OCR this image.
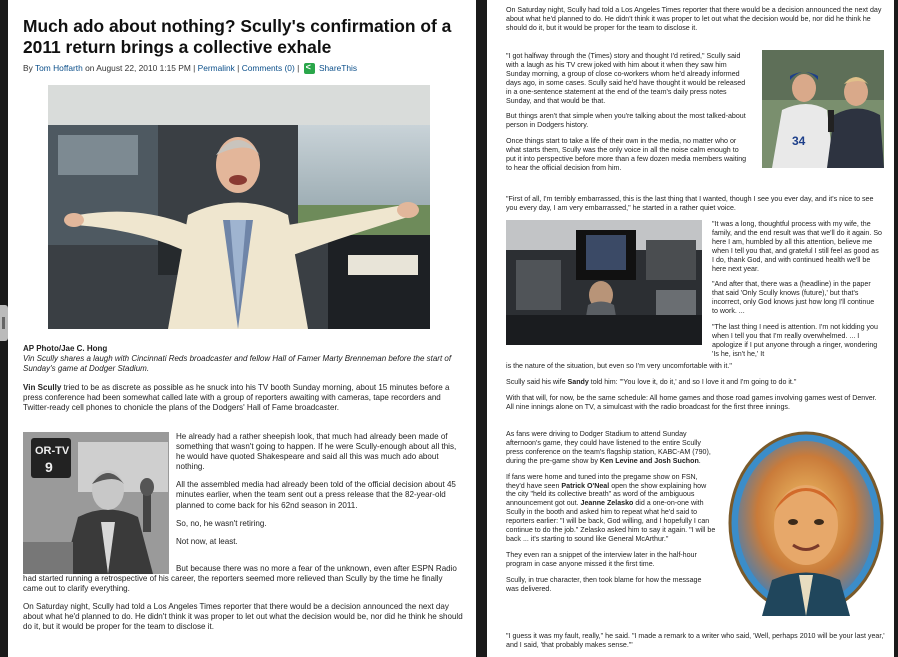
Much ado about nothing? Scully's confirmation of a 2011 return brings a collective exhale
By Tom Hoffarth on August 22, 2010 1:15 PM | Permalink | Comments (0) | < ShareThis
AP Photo/Jae C. Hong
Vin Scully shares a laugh with Cincinnati Reds broadcaster and fellow Hall of Famer Marty Brenneman before the start of Sunday's game at Dodger Stadium.

Vin Scully tried to be as discrete as possible as he snuck into his TV booth Sunday morning, about 15 minutes before a press conference had been somewhat called late with a group of reporters awaiting with cameras, tape recorders and Twitter-ready cell phones to chonicle the plans of the Dodgers' Hall of Fame broadcaster.

OR-TV
9

He already had a rather sheepish look, that much had already been made of something that wasn't going to happen. If he were Scully-enough about all this, he would have quoted Shakespeare and said all this was much ado about nothing.

All the assembled media had already been told of the official decision about 45 minutes earlier, when the team sent out a press release that the 82-year-old planned to come back for his 62nd season in 2011.

So, no, he wasn't retiring.

Not now, at least.

But because there was no more a fear of the unknown, even after ESPN Radio had started running a retrospective of his career, the reporters seemed more relieved than Scully by the time he finally came out to clarify everything.

On Saturday night, Scully had told a Los Angeles Times reporter that there would be a decision announced the next day about what he'd planned to do. He didn't think it was proper to let out what the decision would be, nor did he think he should do it, but it would be proper for the team to disclose it.

On Saturday night, Scully had told a Los Angeles Times reporter that there would be a decision announced the next day about what he'd planned to do. He didn't think it was proper to let out what the decision would be, nor did he think he should do it, but it would be proper for the team to disclose it.

"I got halfway through the (Times) story and thought I'd retired," Scully said with a laugh as his TV crew joked with him about it when they saw him Sunday morning, a group of close co-workers whom he'd already informed days ago, in some cases. Scully said he'd have thought it would be released in a one-sentence statement at the end of the team's daily press notes Sunday, and that would be that.

But things aren't that simple when you're talking about the most talked-about person in Dodgers history.

Once things start to take a life of their own in the media, no matter who or what starts them, Scully was the only voice in all the noise calm enough to put it into perspective before more than a few dozen media members waiting to hear the official decision from him.

34

"First of all, I'm terribly embarrassed, this is the last thing that I wanted, though I see you ever day, and it's nice to see you every day, I am very embarrassed," he started in a rather quiet voice.

"It was a long, thoughtful process with my wife, the family, and the end result was that we'll do it again. So here I am, humbled by all this attention, believe me when I tell you that, and grateful I still feel as good as I do, thank God, and with continued health we'll be here next year.

"And after that, there was a (headline) in the paper that said 'Only Scully knows (future),' but that's incorrect, only God knows just how long I'll continue to work. ...

"The last thing I need is attention. I'm not kidding you when I tell you that I'm really overwhelmed. ... I apologize if I put anyone through a ringer, wondering 'Is he, isn't he,' It

is the nature of the situation, but even so I'm very uncomfortable with it."

Scully said his wife Sandy told him: "'You love it, do it,' and so I love it and I'm going to do it."

With that will, for now, be the same schedule: All home games and those road games involving games west of Denver. All nine innings alone on TV, a simulcast with the radio broadcast for the first three innings.

As fans were driving to Dodger Stadium to attend Sunday afternoon's game, they could have listened to the entire Scully press conference on the team's flagship station, KABC-AM (790), during the pre-game show by Ken Levine and Josh Suchon.

If fans were home and tuned into the pregame show on FSN, they'd have seen Patrick O'Neal open the show explaining how the city "held its collective breath" as word of the ambiguous announcement got out. Jeanne Zelasko did a one-on-one with Scully in the booth and asked him to repeat what he'd said to reporters earlier: "I will be back, God willing, and I hopefully I can continue to do the job." Zelasko asked him to say it again. "I will be back ... it's starting to sound like General McArthur."

They even ran a snippet of the interview later in the half-hour program in case anyone missed it the first time.

Scully, in true character, then took blame for how the message was delivered.

"I guess it was my fault, really," he said. "I made a remark to a writer who said, 'Well, perhaps 2010 will be your last year,' and I said, 'that probably makes sense.'"
